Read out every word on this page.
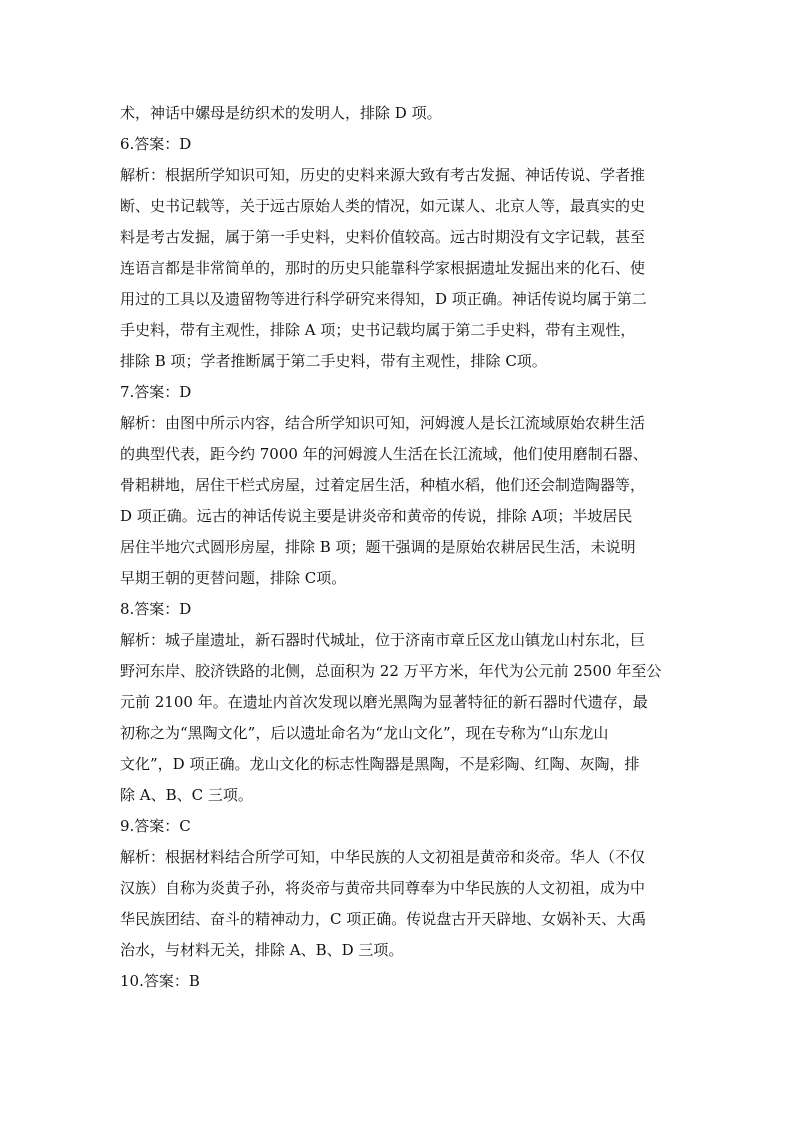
术，神话中嫘母是纺织术的发明人，排除 D 项。
6.答案：D
解析：根据所学知识可知，历史的史料来源大致有考古发掘、神话传说、学者推
断、史书记载等，关于远古原始人类的情况，如元谋人、北京人等，最真实的史
料是考古发掘，属于第一手史料，史料价值较高。远古时期没有文字记载，甚至
连语言都是非常简单的，那时的历史只能靠科学家根据遗址发掘出来的化石、使
用过的工具以及遗留物等进行科学研究来得知，D 项正确。神话传说均属于第二
手史料，带有主观性，排除 A 项；史书记载均属于第二手史料，带有主观性，
排除 B 项；学者推断属于第二手史料，带有主观性，排除 C项。
7.答案：D
解析：由图中所示内容，结合所学知识可知，河姆渡人是长江流域原始农耕生活
的典型代表，距今约 7000 年的河姆渡人生活在长江流域，他们使用磨制石器、
骨耜耕地，居住干栏式房屋，过着定居生活，种植水稻，他们还会制造陶器等，
D 项正确。远古的神话传说主要是讲炎帝和黄帝的传说，排除 A项；半坡居民
居住半地穴式圆形房屋，排除 B 项；题干强调的是原始农耕居民生活，未说明
早期王朝的更替问题，排除 C项。
8.答案：D
解析：城子崖遗址，新石器时代城址，位于济南市章丘区龙山镇龙山村东北，巨
野河东岸、胶济铁路的北侧，总面积为 22 万平方米，年代为公元前 2500 年至公
元前 2100 年。在遗址内首次发现以磨光黑陶为显著特征的新石器时代遗存，最
初称之为“黑陶文化”，后以遗址命名为“龙山文化”，现在专称为“山东龙山
文化”，D 项正确。龙山文化的标志性陶器是黑陶，不是彩陶、红陶、灰陶，排
除 A、B、C 三项。
9.答案：C
解析：根据材料结合所学可知，中华民族的人文初祖是黄帝和炎帝。华人（不仅
汉族）自称为炎黄子孙，将炎帝与黄帝共同尊奉为中华民族的人文初祖，成为中
华民族团结、奋斗的精神动力，C 项正确。传说盘古开天辟地、女娲补天、大禹
治水，与材料无关，排除 A、B、D 三项。
10.答案：B
